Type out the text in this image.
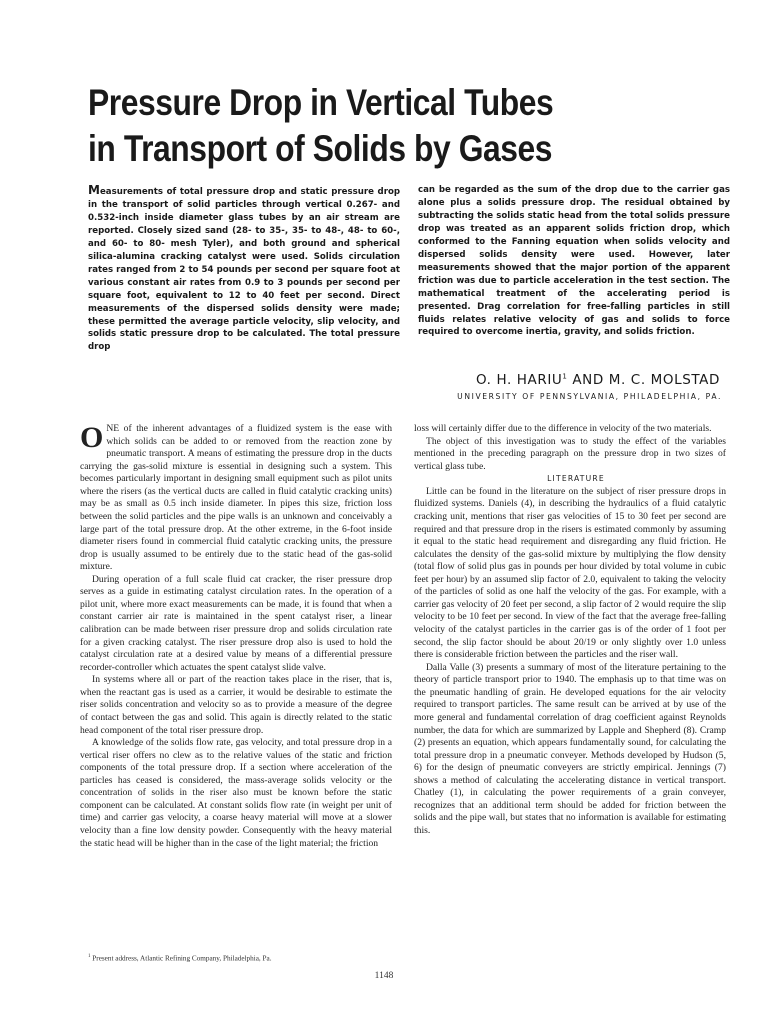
Pressure Drop in Vertical Tubes
in Transport of Solids by Gases

Measurements of total pressure drop and static pressure drop in the transport of solid particles through vertical 0.267- and 0.532-inch inside diameter glass tubes by an air stream are reported. Closely sized sand (28- to 35-, 35- to 48-, 48- to 60-, and 60- to 80- mesh Tyler), and both ground and spherical silica-alumina cracking catalyst were used. Solids circulation rates ranged from 2 to 54 pounds per second per square foot at various constant air rates from 0.9 to 3 pounds per second per square foot, equivalent to 12 to 40 feet per second. Direct measurements of the dispersed solids density were made; these permitted the average particle velocity, slip velocity, and solids static pressure drop to be calculated. The total pressure drop

can be regarded as the sum of the drop due to the carrier gas alone plus a solids pressure drop. The residual obtained by subtracting the solids static head from the total solids pressure drop was treated as an apparent solids friction drop, which conformed to the Fanning equation when solids velocity and dispersed solids density were used. However, later measurements showed that the major portion of the apparent friction was due to particle acceleration in the test section. The mathematical treatment of the accelerating period is presented. Drag correlation for free-falling particles in still fluids relates relative velocity of gas and solids to force required to overcome inertia, gravity, and solids friction.

O. H. HARIU$^1$ AND M. C. MOLSTAD

UNIVERSITY OF PENNSYLVANIA, PHILADELPHIA, PA.

ONE of the inherent advantages of a fluidized system is the ease with which solids can be added to or removed from the reaction zone by pneumatic transport. A means of estimating the pressure drop in the ducts carrying the gas-solid mixture is essential in designing such a system. This becomes particularly important in designing small equipment such as pilot units where the risers (as the vertical ducts are called in fluid catalytic cracking units) may be as small as 0.5 inch inside diameter. In pipes this size, friction loss between the solid particles and the pipe walls is an unknown and conceivably a large part of the total pressure drop. At the other extreme, in the 6-foot inside diameter risers found in commercial fluid catalytic cracking units, the pressure drop is usually assumed to be entirely due to the static head of the gas-solid mixture.

During operation of a full scale fluid cat cracker, the riser pressure drop serves as a guide in estimating catalyst circulation rates. In the operation of a pilot unit, where more exact measurements can be made, it is found that when a constant carrier air rate is maintained in the spent catalyst riser, a linear calibration can be made between riser pressure drop and solids circulation rate for a given cracking catalyst. The riser pressure drop also is used to hold the catalyst circulation rate at a desired value by means of a differential pressure recorder-controller which actuates the spent catalyst slide valve.

In systems where all or part of the reaction takes place in the riser, that is, when the reactant gas is used as a carrier, it would be desirable to estimate the riser solids concentration and velocity so as to provide a measure of the degree of contact between the gas and solid. This again is directly related to the static head component of the total riser pressure drop.

A knowledge of the solids flow rate, gas velocity, and total pressure drop in a vertical riser offers no clew as to the relative values of the static and friction components of the total pressure drop. If a section where acceleration of the particles has ceased is considered, the mass-average solids velocity or the concentration of solids in the riser also must be known before the static component can be calculated. At constant solids flow rate (in weight per unit of time) and carrier gas velocity, a coarse heavy material will move at a slower velocity than a fine low density powder. Consequently with the heavy material the static head will be higher than in the case of the light material; the friction

loss will certainly differ due to the difference in velocity of the two materials.

The object of this investigation was to study the effect of the variables mentioned in the preceding paragraph on the pressure drop in two sizes of vertical glass tube.

LITERATURE

Little can be found in the literature on the subject of riser pressure drops in fluidized systems. Daniels (4), in describing the hydraulics of a fluid catalytic cracking unit, mentions that riser gas velocities of 15 to 30 feet per second are required and that pressure drop in the risers is estimated commonly by assuming it equal to the static head requirement and disregarding any fluid friction. He calculates the density of the gas-solid mixture by multiplying the flow density (total flow of solid plus gas in pounds per hour divided by total volume in cubic feet per hour) by an assumed slip factor of 2.0, equivalent to taking the velocity of the particles of solid as one half the velocity of the gas. For example, with a carrier gas velocity of 20 feet per second, a slip factor of 2 would require the slip velocity to be 10 feet per second. In view of the fact that the average free-falling velocity of the catalyst particles in the carrier gas is of the order of 1 foot per second, the slip factor should be about 20/19 or only slightly over 1.0 unless there is considerable friction between the particles and the riser wall.

Dalla Valle (3) presents a summary of most of the literature pertaining to the theory of particle transport prior to 1940. The emphasis up to that time was on the pneumatic handling of grain. He developed equations for the air velocity required to transport particles. The same result can be arrived at by use of the more general and fundamental correlation of drag coefficient against Reynolds number, the data for which are summarized by Lapple and Shepherd (8). Cramp (2) presents an equation, which appears fundamentally sound, for calculating the total pressure drop in a pneumatic conveyer. Methods developed by Hudson (5, 6) for the design of pneumatic conveyers are strictly empirical. Jennings (7) shows a method of calculating the accelerating distance in vertical transport. Chatley (1), in calculating the power requirements of a grain conveyer, recognizes that an additional term should be added for friction between the solids and the pipe wall, but states that no information is available for estimating this.

$^1$ Present address, Atlantic Refining Company, Philadelphia, Pa.
1148
